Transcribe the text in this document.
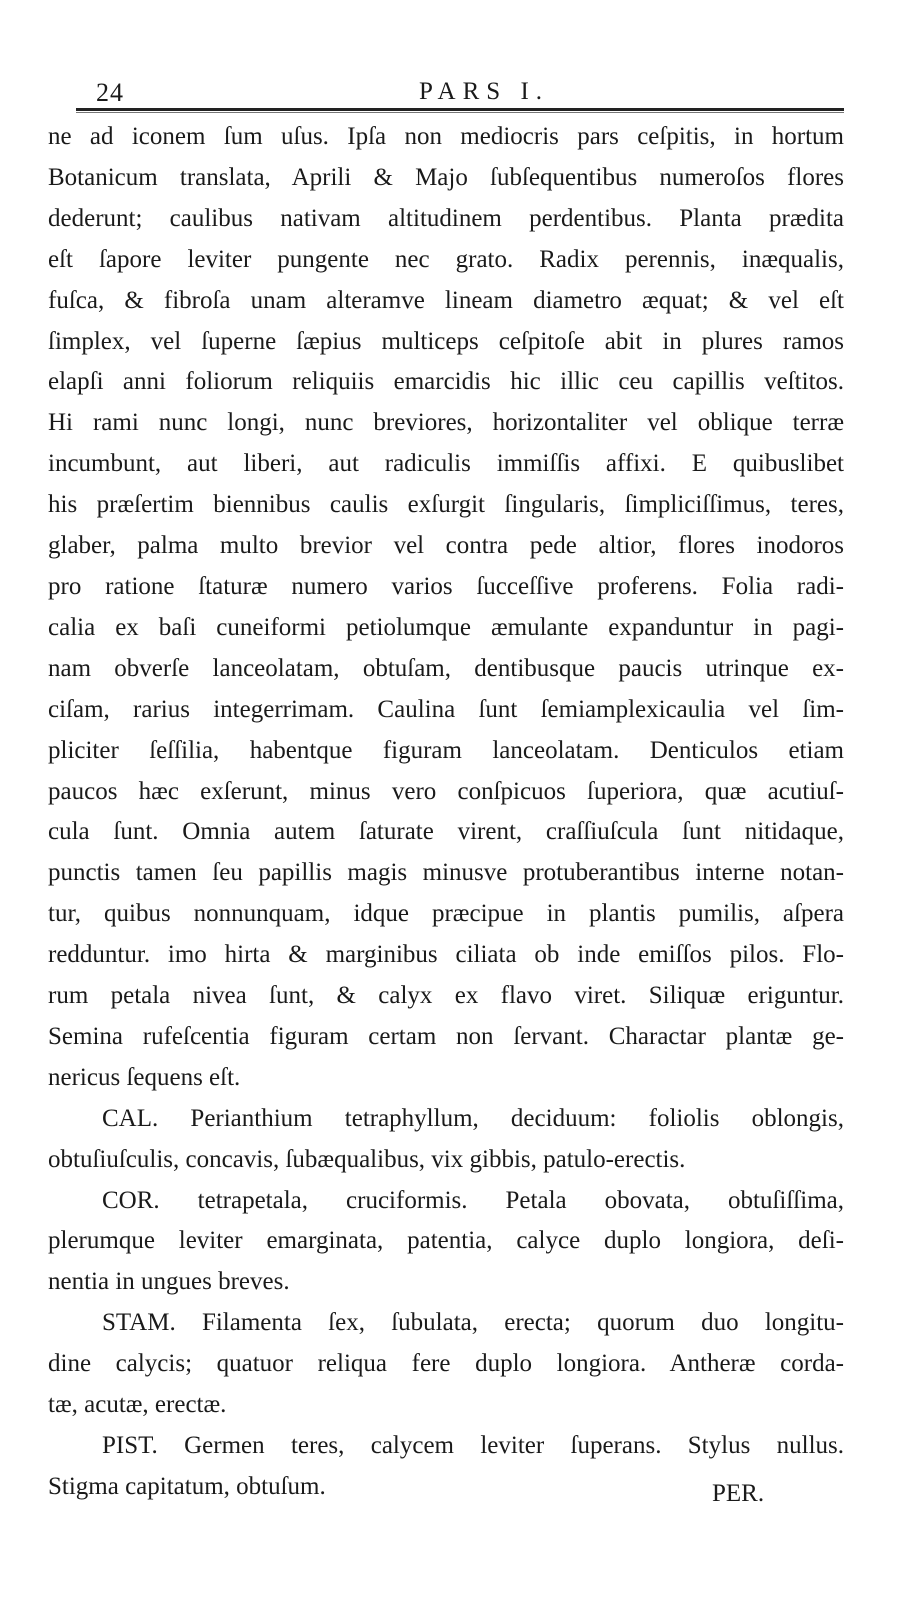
24	PARS I.

ne ad iconem ſum uſus. Ipſa non mediocris pars ceſpitis, in hortum
Botanicum translata, Aprili & Majo ſubſequentibus numeroſos flores
dederunt; caulibus nativam altitudinem perdentibus. Planta prædita
eſt ſapore leviter pungente nec grato. Radix perennis, inæqualis,
fuſca, & fibroſa unam alteramve lineam diametro æquat; & vel eſt
ſimplex, vel ſuperne ſæpius multiceps ceſpitoſe abit in plures ramos
elapſi anni foliorum reliquiis emarcidis hic illic ceu capillis veſtitos.
Hi rami nunc longi, nunc breviores, horizontaliter vel oblique terræ
incumbunt, aut liberi, aut radiculis immiſſis affixi. E quibuslibet
his præſertim biennibus caulis exſurgit ſingularis, ſimpliciſſimus, teres,
glaber, palma multo brevior vel contra pede altior, flores inodoros
pro ratione ſtaturæ numero varios ſucceſſive proferens. Folia radi-
calia ex baſi cuneiformi petiolumque æmulante expanduntur in pagi-
nam obverſe lanceolatam, obtuſam, dentibusque paucis utrinque ex-
ciſam, rarius integerrimam. Caulina ſunt ſemiamplexicaulia vel ſim-
pliciter ſeſſilia, habentque figuram lanceolatam. Denticulos etiam
paucos hæc exſerunt, minus vero conſpicuos ſuperiora, quæ acutiuſ-
cula ſunt. Omnia autem ſaturate virent, craſſiuſcula ſunt nitidaque,
punctis tamen ſeu papillis magis minusve protuberantibus interne notan-
tur, quibus nonnunquam, idque præcipue in plantis pumilis, aſpera
redduntur. imo hirta & marginibus ciliata ob inde emiſſos pilos. Flo-
rum petala nivea ſunt, & calyx ex flavo viret. Siliquæ eriguntur.
Semina rufeſcentia figuram certam non ſervant. Charactar plantæ ge-
nericus ſequens eſt.

CAL. Perianthium tetraphyllum, deciduum: foliolis oblongis,
obtuſiuſculis, concavis, ſubæqualibus, vix gibbis, patulo-erectis.

COR. tetrapetala, cruciformis. Petala obovata, obtuſiſſima,
plerumque leviter emarginata, patentia, calyce duplo longiora, deſi-
nentia in ungues breves.

STAM. Filamenta ſex, ſubulata, erecta; quorum duo longitu-
dine calycis; quatuor reliqua fere duplo longiora. Antheræ corda-
tæ, acutæ, erectæ.

PIST. Germen teres, calycem leviter ſuperans. Stylus nullus.
Stigma capitatum, obtuſum.	PER.
